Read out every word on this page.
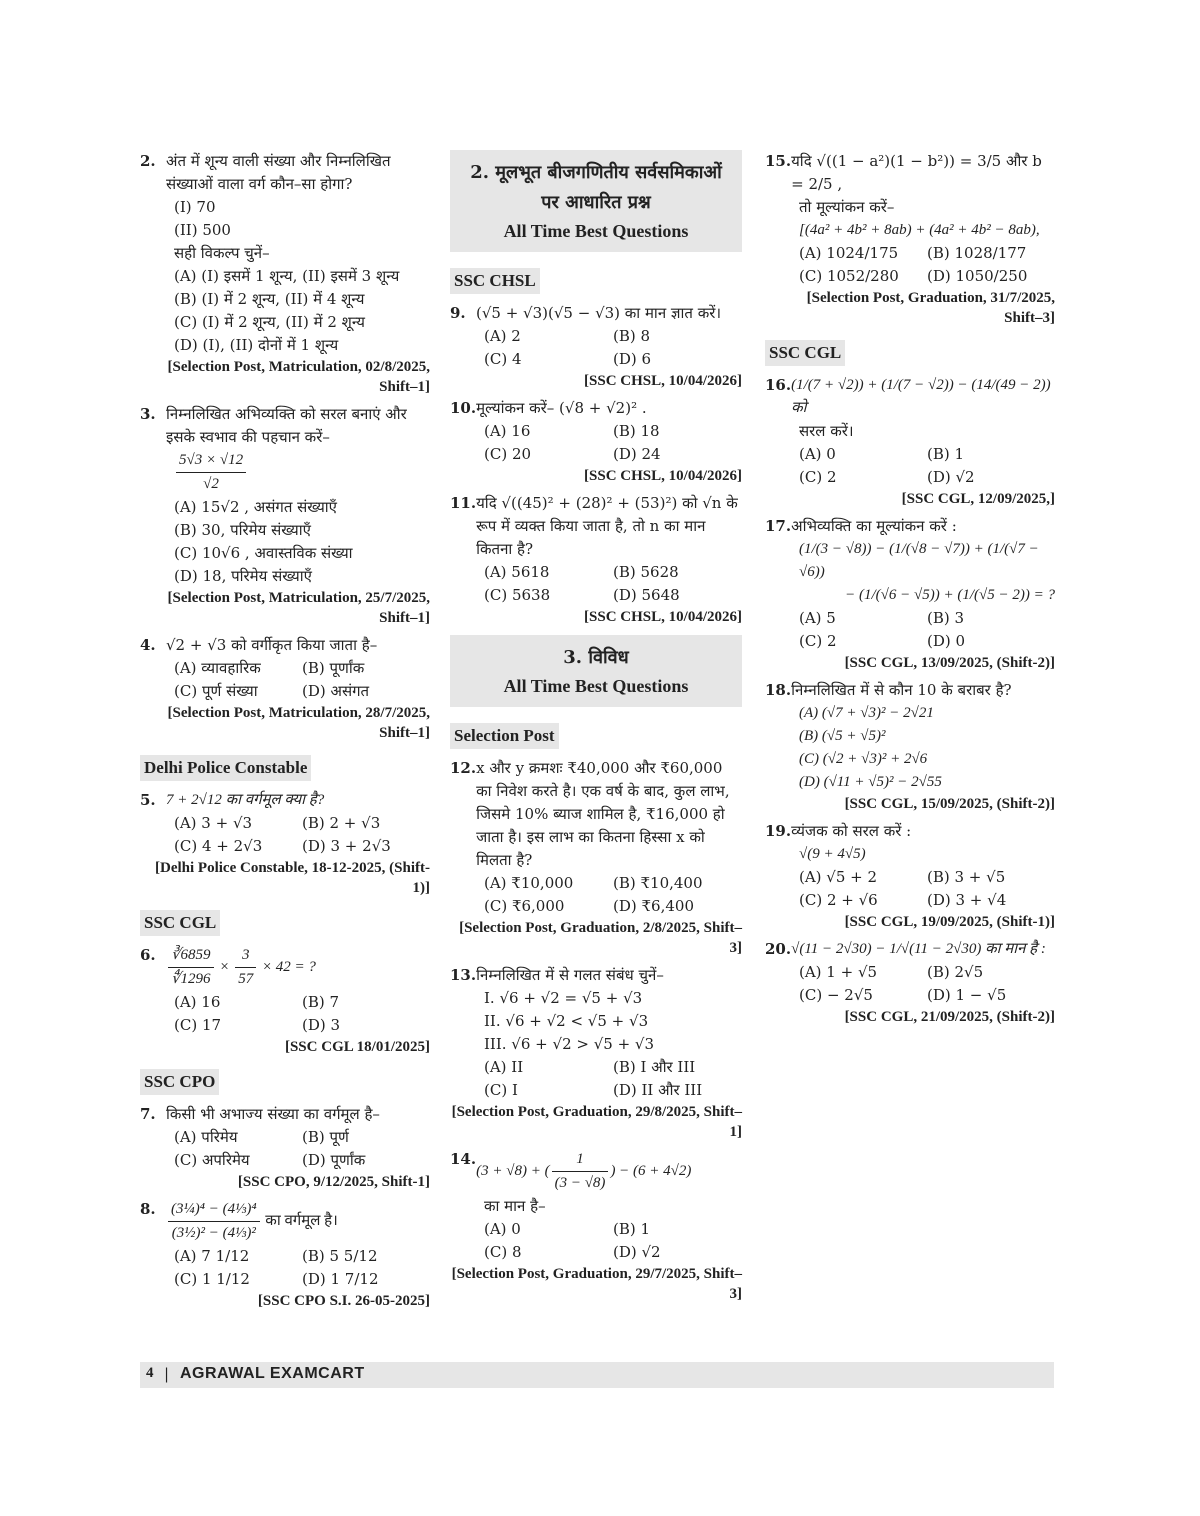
2. अंत में शून्य वाली संख्या और निम्नलिखित संख्याओं वाला वर्ग कौन–सा होगा?
(I) 70
(II) 500
सही विकल्प चुनें–
(A) (I) इसमें 1 शून्य, (II) इसमें 3 शून्य
(B) (I) में 2 शून्य, (II) में 4 शून्य
(C) (I) में 2 शून्य, (II) में 2 शून्य
(D) (I), (II) दोनों में 1 शून्य
[Selection Post, Matriculation, 02/8/2025, Shift–1]
3. निम्नलिखित अभिव्यक्ति को सरल बनाएं और इसके स्वभाव की पहचान करें–
$\frac{5√3 \times √12}{√2}$
(A) 15√2 , असंगत संख्याएँ
(B) 30, परिमेय संख्याएँ
(C) 10√6 , अवास्तविक संख्या
(D) 18, परिमेय संख्याएँ
[Selection Post, Matriculation, 25/7/2025, Shift–1]
4. √2 + √3 को वर्गीकृत किया जाता है–
(A) व्यावहारिक	(B) पूर्णांक
(C) पूर्ण संख्या	(D) असंगत
[Selection Post, Matriculation, 28/7/2025, Shift–1]
Delhi Police Constable
5. 7 + 2√12 का वर्गमूल क्या है?
(A) 3 + √3	(B) 2 + √3
(C) 4 + 2√3	(D) 3 + 2√3
[Delhi Police Constable, 18-12-2025, (Shift-1)]
SSC CGL
6. $\frac{∛6859}{∜1296} \times \frac{3}{57} \times 42$ = ?
(A) 16	(B) 7
(C) 17	(D) 3
[SSC CGL 18/01/2025]
SSC CPO
7. किसी भी अभाज्य संख्या का वर्गमूल है–
(A) परिमेय	(B) पूर्ण
(C) अपरिमेय	(D) पूर्णांक
[SSC CPO, 9/12/2025, Shift-1]
8. $\frac{\text{(3¼)⁴ − (4⅓)⁴}}{\text{(3½)² − (4⅓)²}}$ का वर्गमूल है।
(A) 7 1/12	(B) 5 5/12
(C) 1 1/12	(D) 1 7/12
[SSC CPO S.I. 26-05-2025]
2. मूलभूत बीजगणितीय सर्वसमिकाओं
पर आधारित प्रश्न
All Time Best Questions
SSC CHSL
9. (√5 + √3)(√5 − √3) का मान ज्ञात करें।
(A) 2	(B) 8
(C) 4	(D) 6
[SSC CHSL, 10/04/2026]
10. मूल्यांकन करें– (√8 + √2)² .
(A) 16	(B) 18
(C) 20	(D) 24
[SSC CHSL, 10/04/2026]
11. यदि √((45)² + (28)² + (53)²) को √n के रूप में व्यक्त किया जाता है, तो n का मान कितना है?
(A) 5618	(B) 5628
(C) 5638	(D) 5648
[SSC CHSL, 10/04/2026]
3. विविध
All Time Best Questions
Selection Post
12. x और y क्रमशः ₹40,000 और ₹60,000 का निवेश करते है। एक वर्ष के बाद, कुल लाभ, जिसमे 10% ब्याज शामिल है, ₹16,000 हो जाता है। इस लाभ का कितना हिस्सा x को मिलता है?
(A) ₹10,000	(B) ₹10,400
(C) ₹6,000	(D) ₹6,400
[Selection Post, Graduation, 2/8/2025, Shift–3]
13. निम्नलिखित में से गलत संबंध चुनें–
I. √6 + √2 = √5 + √3
II. √6 + √2 < √5 + √3
III. √6 + √2 > √5 + √3
(A) II	(B) I और III
(C) I	(D) II और III
[Selection Post, Graduation, 29/8/2025, Shift–1]
14.
(3 + √8) + ( $\frac{1}{(3 - √8)}$ ) − (6 + 4√2)
का मान है–
(A) 0	(B) 1
(C) 8	(D) √2
[Selection Post, Graduation, 29/7/2025, Shift–3]
15. यदि √((1 − a²)(1 − b²)) = 3/5 और b = 2/5 ,
तो मूल्यांकन करें–
[(4a² + 4b² + 8ab) + (4a² + 4b² − 8ab),
(A) 1024/175	(B) 1028/177
(C) 1052/280	(D) 1050/250
[Selection Post, Graduation, 31/7/2025, Shift–3]
SSC CGL
16. (1/(7 + √2)) + (1/(7 − √2)) − (14/(49 − 2)) को
सरल करें।
(A) 0	(B) 1
(C) 2	(D) √2
[SSC CGL, 12/09/2025,]
17. अभिव्यक्ति का मूल्यांकन करें :
(1/(3 − √8)) − (1/(√8 − √7)) + (1/(√7 − √6))
− (1/(√6 − √5)) + (1/(√5 − 2)) = ?
(A) 5	(B) 3
(C) 2	(D) 0
[SSC CGL, 13/09/2025, (Shift-2)]
18. निम्नलिखित में से कौन 10 के बराबर है?
(A) (√7 + √3)² − 2√21
(B) (√5 + √5)²
(C) (√2 + √3)² + 2√6
(D) (√11 + √5)² − 2√55
[SSC CGL, 15/09/2025, (Shift-2)]
19. व्यंजक को सरल करें :
√(9 + 4√5)
(A) √5 + 2	(B) 3 + √5
(C) 2 + √6	(D) 3 + √4
[SSC CGL, 19/09/2025, (Shift-1)]
20. √(11 − 2√30) − 1/√(11 − 2√30) का मान है :
(A) 1 + √5	(B) 2√5
(C) − 2√5	(D) 1 − √5
[SSC CGL, 21/09/2025, (Shift-2)]
4 | AGRAWAL EXAMCART
